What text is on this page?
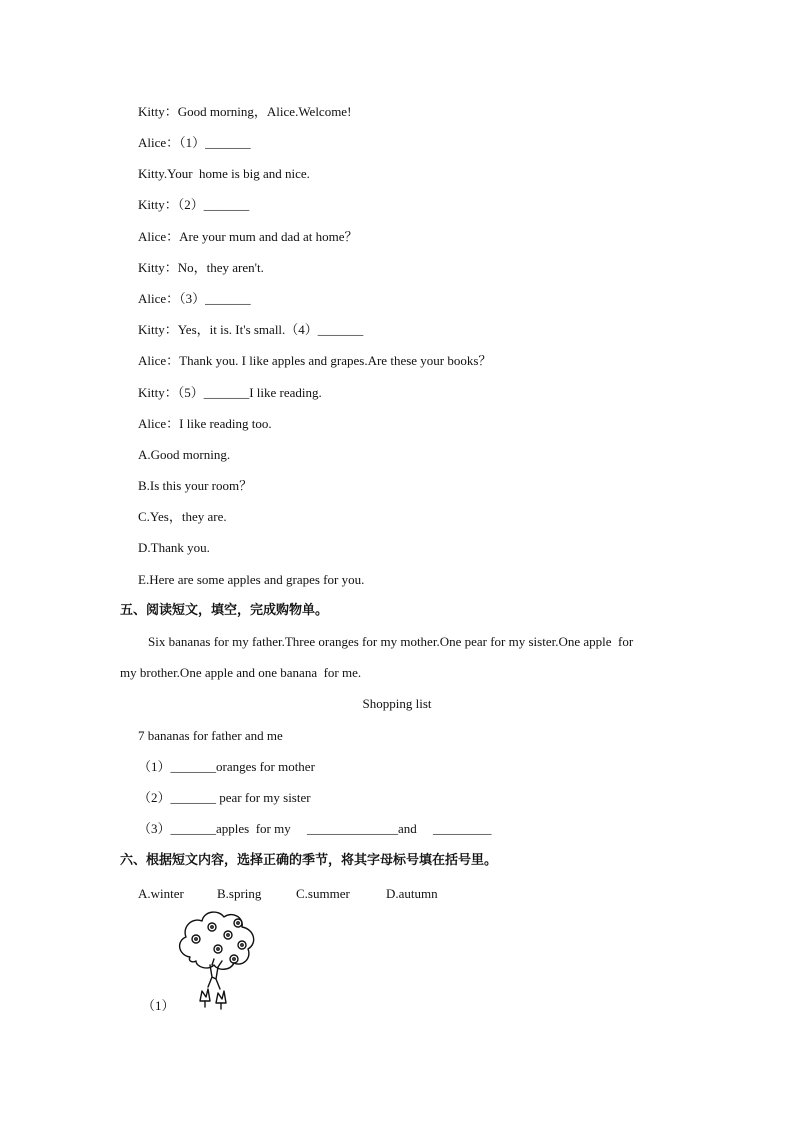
Kitty：Good morning，Alice.Welcome!
Alice：（1）_______
Kitty.Your  home is big and nice.
Kitty：（2）_______
Alice：Are your mum and dad at home？
Kitty：No，they aren't.
Alice：（3）_______
Kitty：Yes，it is. It's small.（4）_______
Alice：Thank you. I like apples and grapes.Are these your books？
Kitty：（5）_______I like reading.
Alice：I like reading too.
A.Good morning.
B.Is this your room？
C.Yes，they are.
D.Thank you.
E.Here are some apples and grapes for you.
五、阅读短文，填空，完成购物单。
Six bananas for my father.Three oranges for my mother.One pear for my sister.One apple  for
my brother.One apple and one banana  for me.
Shopping list
7 bananas for father and me
（1）_______oranges for mother
（2）_______ pear for my sister
（3）_______apples  for my     ______________and     _________
六、根据短文内容，选择正确的季节，将其字母标号填在括号里。
A.winter	B.spring	C.summer	D.autumn
（1）
